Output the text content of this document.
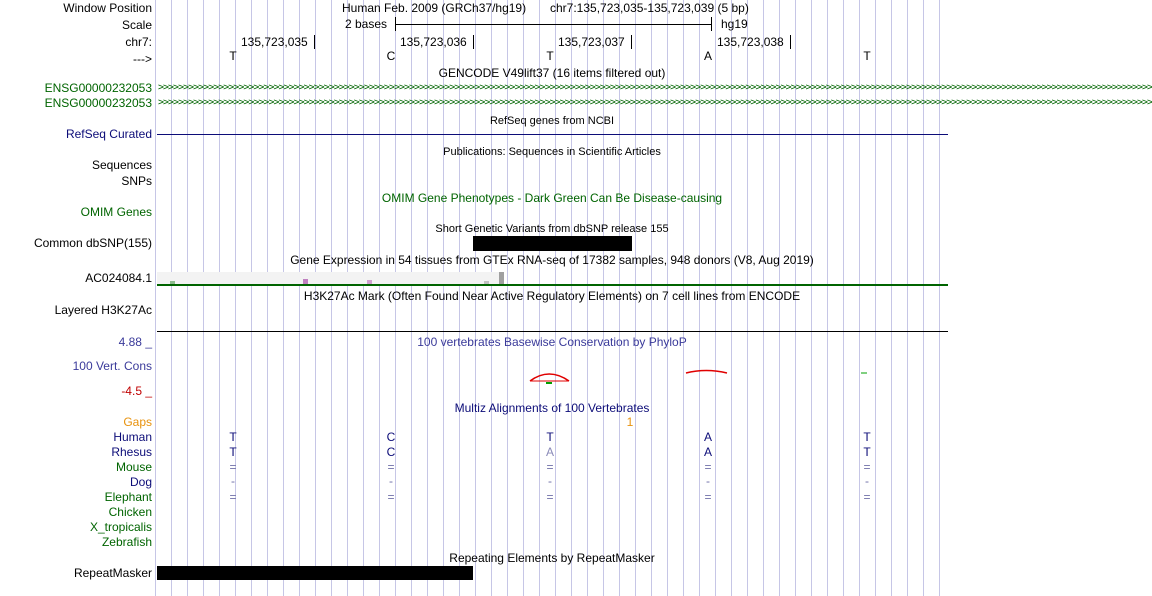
Window Position	Human Feb. 2009 (GRCh37/hg19) chr7:135,723,035-135,723,039 (5 bp)
Scale	2 bases	hg19
chr7:	135,723,035	135,723,036	135,723,037	135,723,038
--->	T	C	T	A	T
GENCODE V49lift37 (16 items filtered out)
ENSG00000232053 >>>>>>>>>>>>>>>>>>>>>>>>>>>>>>>>>>>>>>>>>>>>>>>>>>>>>>>>>>>>>>>>>>>>>>>>>>>>>>>>>>>>>>>>>>>>>>>>>>>>>>>>>>>>>>>>>>>>>>>>>>>>>>>>>>>>>>>>>>>>>>>>>>>>>>>>>>>>>>>>>>>>>>>>>>>>>>>>>>>>>>>>>>>>>>>>>>>>>>
ENSG00000232053 >>>>>>>>>>>>>>>>>>>>>>>>>>>>>>>>>>>>>>>>>>>>>>>>>>>>>>>>>>>>>>>>>>>>>>>>>>>>>>>>>>>>>>>>>>>>>>>>>>>>>>>>>>>>>>>>>>>>>>>>>>>>>>>>>>>>>>>>>>>>>>>>>>>>>>>>>>>>>>>>>>>>>>>>>>>>>>>>>>>>>>>>>>>>>>>>>>>>>>
RefSeq genes from NCBI
RefSeq Curated
Publications: Sequences in Scientific Articles
Sequences
SNPs
OMIM Gene Phenotypes - Dark Green Can Be Disease-causing
OMIM Genes
Short Genetic Variants from dbSNP release 155
Common dbSNP(155)
Gene Expression in 54 tissues from GTEx RNA-seq of 17382 samples, 948 donors (V8, Aug 2019)
AC024084.1
H3K27Ac Mark (Often Found Near Active Regulatory Elements) on 7 cell lines from ENCODE
Layered H3K27Ac
4.88 _	100 vertebrates Basewise Conservation by PhyloP
100 Vert. Cons
-4.5 _
Multiz Alignments of 100 Vertebrates
Gaps	1
Human	T	C	T	A	T
Rhesus	T	C	A	A	T
Mouse	=	=	=	=	=
Dog	-	-	-	-	-
Elephant	=	=	=	=	=
Chicken
X_tropicalis
Zebrafish
Repeating Elements by RepeatMasker
RepeatMasker
